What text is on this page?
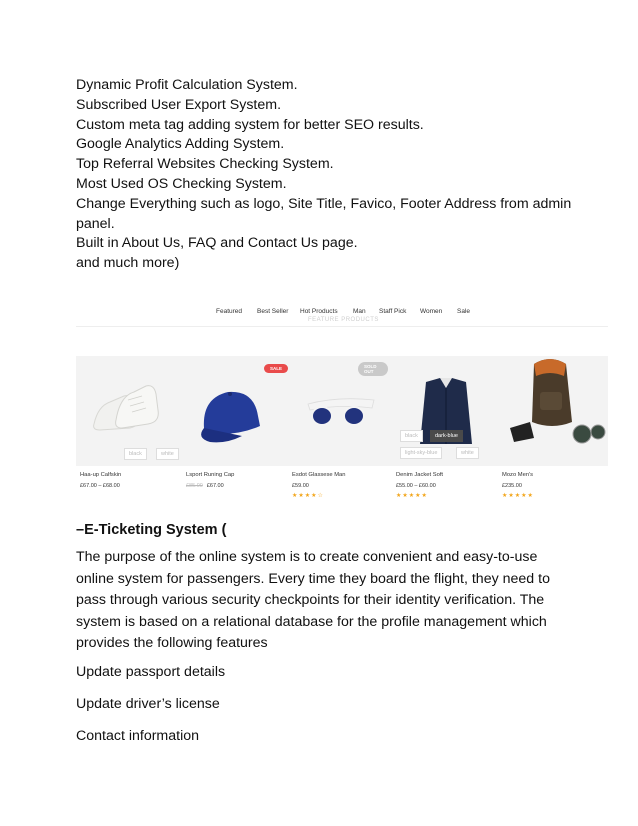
Dynamic Profit Calculation System.

Subscribed User Export System.

Custom meta tag adding system for better SEO results.

Google Analytics Adding System.

Top Referral Websites Checking System.

Most Used OS Checking System.

Change Everything such as logo, Site Title, Favico, Footer Address from admin

panel.

Built in About Us, FAQ and Contact Us page.

and much more)

Featured Best Seller Hot Products Man Staff Pick Women Sale
FEATURE PRODUCTS
black	white
Haa-up Calfskin
£67.00 – £68.00
SALE
Lsport Runing Cap
£85.00 £67.00
SOLD OUT
Esdot Glassese Man
£59.00
★★★★☆
black	dark-blue
light-sky-blue	white
Denim Jacket Soft
£55.00 – £60.00
★★★★★
Mozo Men's
£235.00
★★★★★

–E-Ticketing System (

The purpose of the online system is to create convenient and easy-to-use online system for passengers. Every time they board the flight, they need to pass through various security checkpoints for their identity verification. The system is based on a relational database for the profile management which provides the following features

Update passport details

Update driver’s license

Contact information
